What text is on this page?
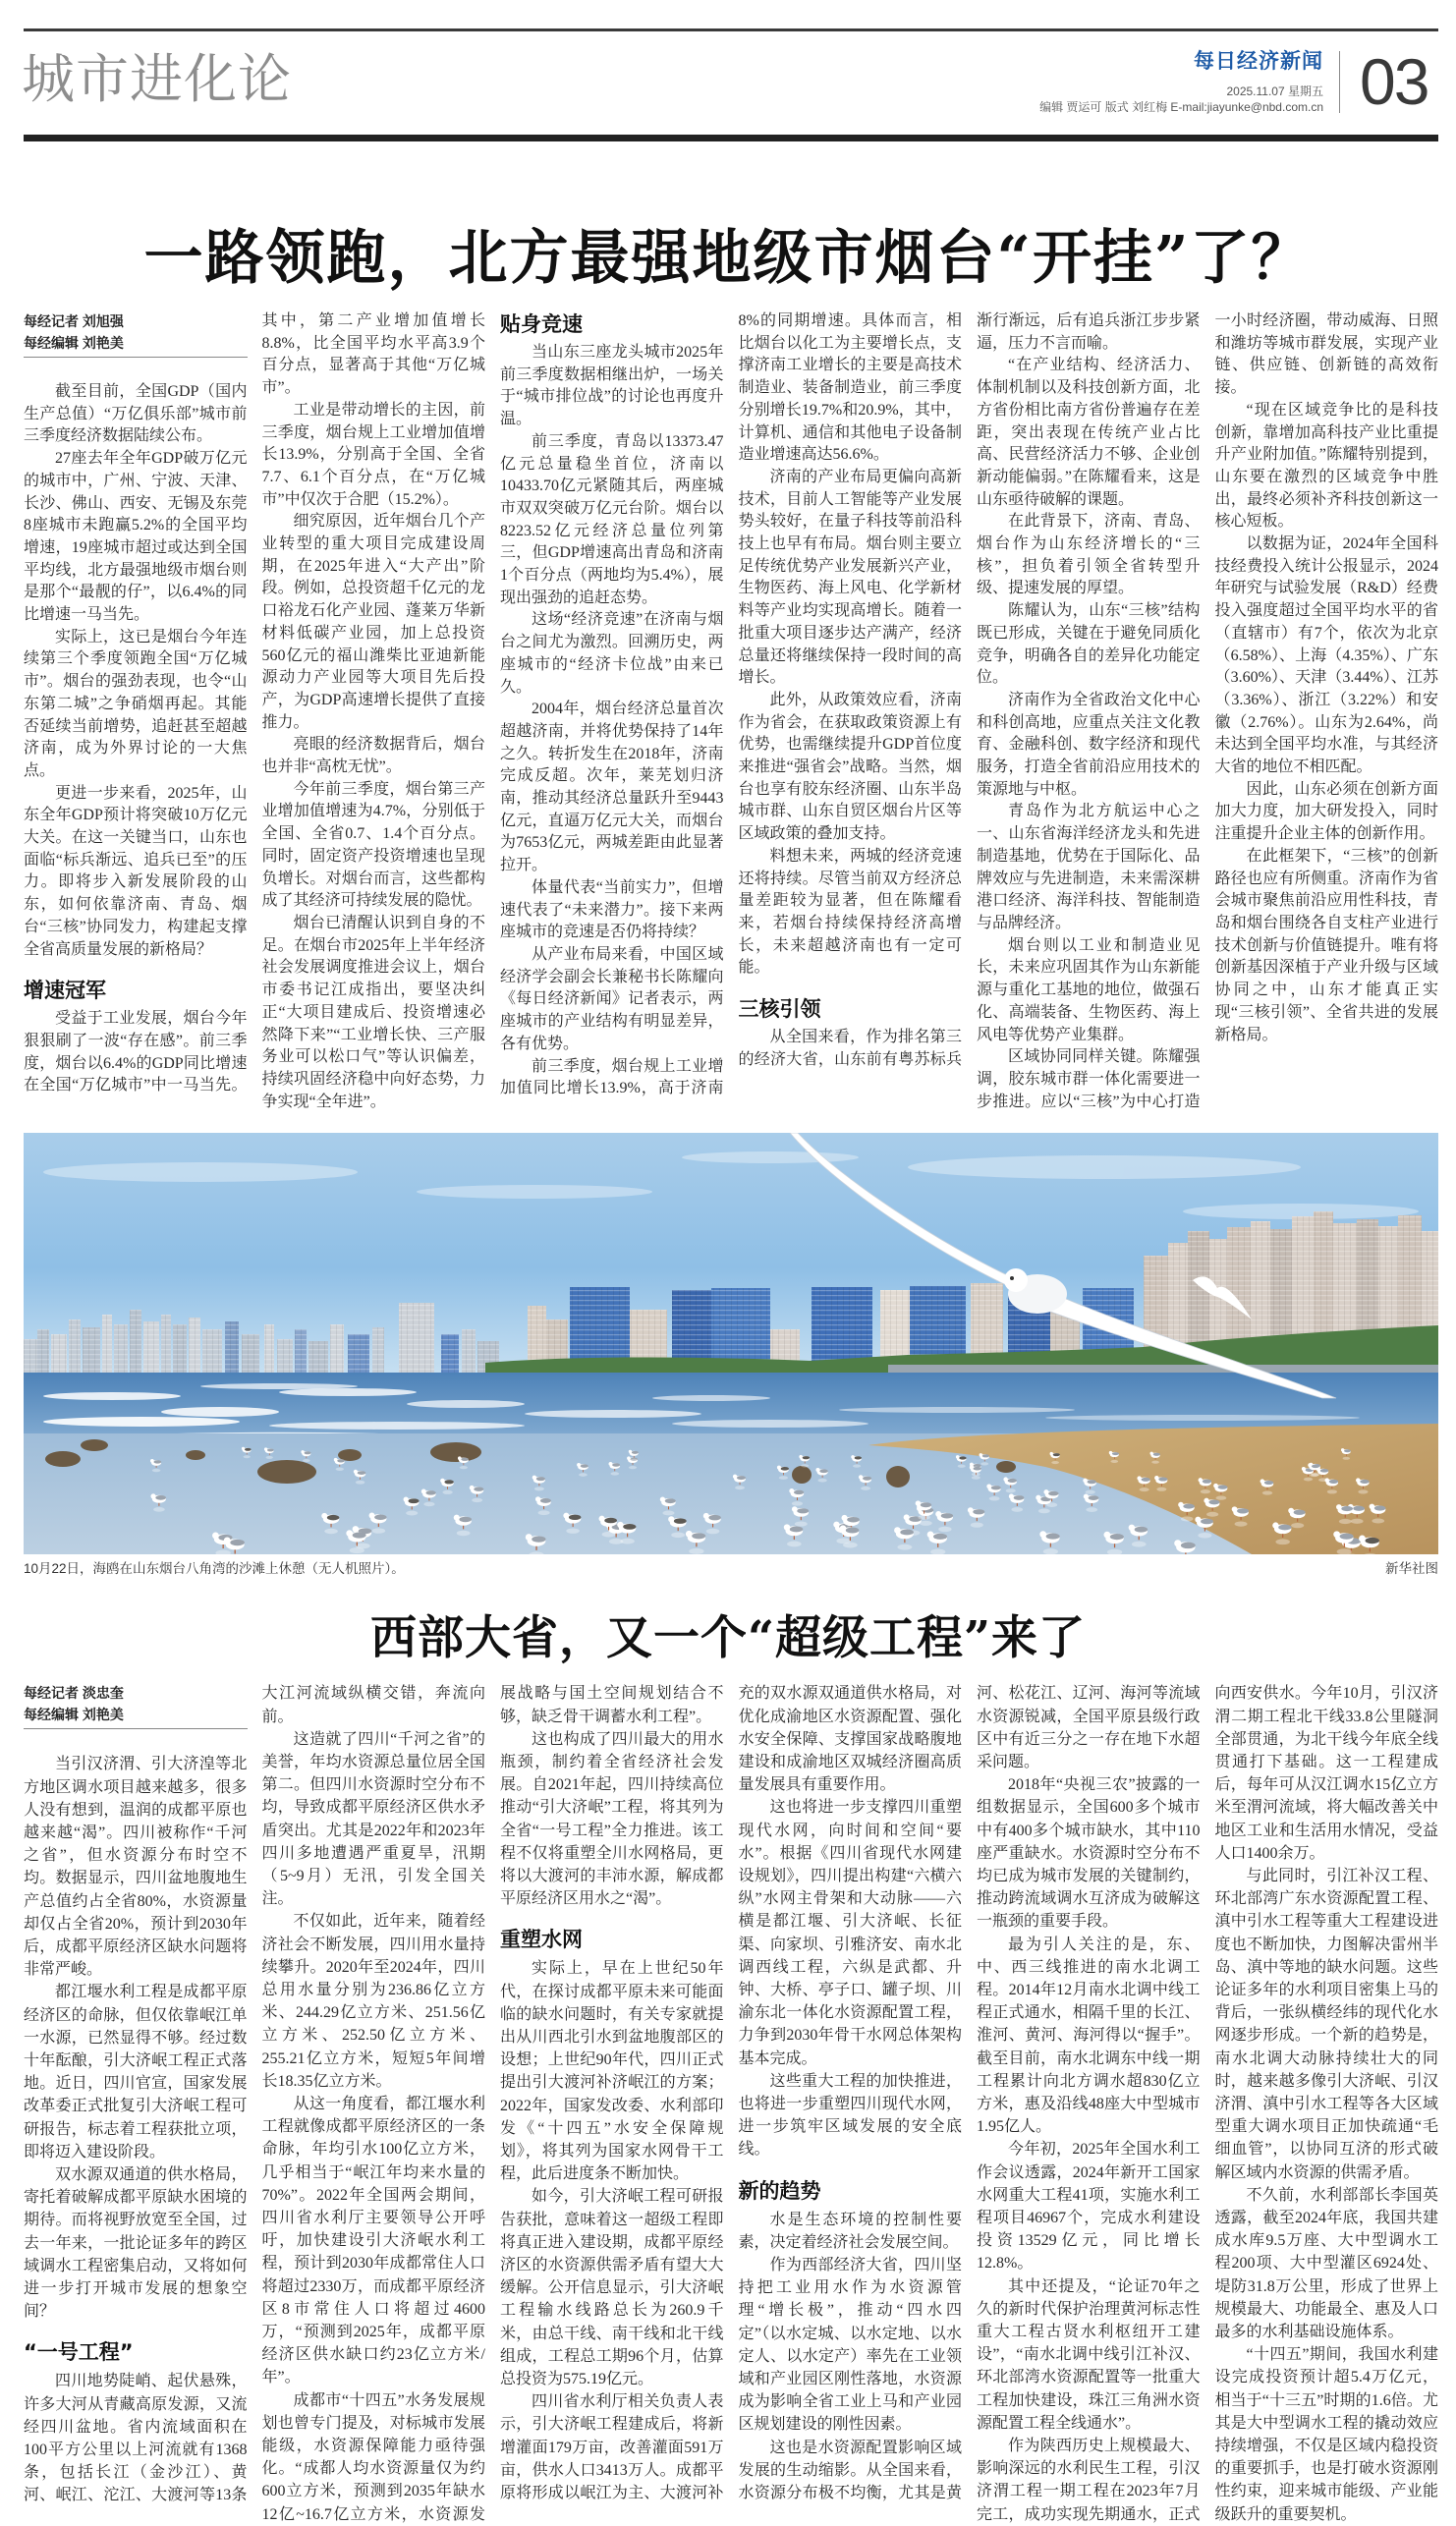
城市进化论	每日经济新闻
2025.11.07 星期五
编辑 贾运可 版式 刘红梅 E-mail:jiayunke@nbd.com.cn 03
一路领跑，北方最强地级市烟台“开挂”了？
每经记者 刘旭强
每经编辑 刘艳美

截至目前，全国GDP（国内生产总值）“万亿俱乐部”城市前三季度经济数据陆续公布。

27座去年全年GDP破万亿元的城市中，广州、宁波、天津、长沙、佛山、西安、无锡及东莞8座城市未跑赢5.2%的全国平均增速，19座城市超过或达到全国平均线，北方最强地级市烟台则是那个“最靓的仔”，以6.4%的同比增速一马当先。

实际上，这已是烟台今年连续第三个季度领跑全国“万亿城市”。烟台的强劲表现，也令“山东第二城”之争硝烟再起。其能否延续当前增势，追赶甚至超越济南，成为外界讨论的一大焦点。

更进一步来看，2025年，山东全年GDP预计将突破10万亿元大关。在这一关键当口，山东也面临“标兵渐远、追兵已至”的压力。即将步入新发展阶段的山东，如何依靠济南、青岛、烟台“三核”协同发力，构建起支撑全省高质量发展的新格局？

增速冠军

受益于工业发展，烟台今年狠狠刷了一波“存在感”。前三季度，烟台以6.4%的GDP同比增速在全国“万亿城市”中一马当先。其中，第二产业增加值增长8.8%，比全国平均水平高3.9个百分点，显著高于其他“万亿城市”。

工业是带动增长的主因，前三季度，烟台规上工业增加值增长13.9%，分别高于全国、全省7.7、6.1个百分点，在“万亿城市”中仅次于合肥（15.2%）。

细究原因，近年烟台几个产业转型的重大项目完成建设周期，在2025年进入“大产出”阶段。例如，总投资超千亿元的龙口裕龙石化产业园、蓬莱万华新材料低碳产业园，加上总投资560亿元的福山潍柴比亚迪新能源动力产业园等大项目先后投产，为GDP高速增长提供了直接推力。

亮眼的经济数据背后，烟台也并非“高枕无忧”。

今年前三季度，烟台第三产业增加值增速为4.7%，分别低于全国、全省0.7、1.4个百分点。同时，固定资产投资增速也呈现负增长。对烟台而言，这些都构成了其经济可持续发展的隐忧。

烟台已清醒认识到自身的不足。在烟台市2025年上半年经济社会发展调度推进会议上，烟台市委书记江成指出，要坚决纠正“大项目建成后、投资增速必然降下来”“工业增长快、三产服务业可以松口气”等认识偏差，持续巩固经济稳中向好态势，力争实现“全年进”。

贴身竞速

当山东三座龙头城市2025年前三季度数据相继出炉，一场关于“城市排位战”的讨论也再度升温。

前三季度，青岛以13373.47亿元总量稳坐首位，济南以10433.70亿元紧随其后，两座城市双双突破万亿元台阶。烟台以8223.52亿元经济总量位列第三，但GDP增速高出青岛和济南1个百分点（两地均为5.4%），展现出强劲的追赶态势。

这场“经济竞速”在济南与烟台之间尤为激烈。回溯历史，两座城市的“经济卡位战”由来已久。

2004年，烟台经济总量首次超越济南，并将优势保持了14年之久。转折发生在2018年，济南完成反超。次年，莱芜划归济南，推动其经济总量跃升至9443亿元，直逼万亿元大关，而烟台为7653亿元，两城差距由此显著拉开。

体量代表“当前实力”，但增速代表了“未来潜力”。接下来两座城市的竞速是否仍将持续？

从产业布局来看，中国区域经济学会副会长兼秘书长陈耀向《每日经济新闻》记者表示，两座城市的产业结构有明显差异，各有优势。

前三季度，烟台规上工业增加值同比增长13.9%，高于济南8%的同期增速。具体而言，相比烟台以化工为主要增长点，支撑济南工业增长的主要是高技术制造业、装备制造业，前三季度分别增长19.7%和20.9%，其中，计算机、通信和其他电子设备制造业增速高达56.6%。

济南的产业布局更偏向高新技术，目前人工智能等产业发展势头较好，在量子科技等前沿科技上也早有布局。烟台则主要立足传统优势产业发展新兴产业，生物医药、海上风电、化学新材料等产业均实现高增长。随着一批重大项目逐步达产满产，经济总量还将继续保持一段时间的高增长。

此外，从政策效应看，济南作为省会，在获取政策资源上有优势，也需继续提升GDP首位度来推进“强省会”战略。当然，烟台也享有胶东经济圈、山东半岛城市群、山东自贸区烟台片区等区域政策的叠加支持。

料想未来，两城的经济竞速还将持续。尽管当前双方经济总量差距较为显著，但在陈耀看来，若烟台持续保持经济高增长，未来超越济南也有一定可能。

三核引领

从全国来看，作为排名第三的经济大省，山东前有粤苏标兵渐行渐远，后有追兵浙江步步紧逼，压力不言而喻。

“在产业结构、经济活力、体制机制以及科技创新方面，北方省份相比南方省份普遍存在差距，突出表现在传统产业占比高、民营经济活力不够、企业创新动能偏弱。”在陈耀看来，这是山东亟待破解的课题。

在此背景下，济南、青岛、烟台作为山东经济增长的“三核”，担负着引领全省转型升级、提速发展的厚望。

陈耀认为，山东“三核”结构既已形成，关键在于避免同质化竞争，明确各自的差异化功能定位。

济南作为全省政治文化中心和科创高地，应重点关注文化教育、金融科创、数字经济和现代服务，打造全省前沿应用技术的策源地与中枢。

青岛作为北方航运中心之一、山东省海洋经济龙头和先进制造基地，优势在于国际化、品牌效应与先进制造，未来需深耕港口经济、海洋科技、智能制造与品牌经济。

烟台则以工业和制造业见长，未来应巩固其作为山东新能源与重化工基地的地位，做强石化、高端装备、生物医药、海上风电等优势产业集群。

区域协同同样关键。陈耀强调，胶东城市群一体化需要进一步推进。应以“三核”为中心打造一小时经济圈，带动威海、日照和潍坊等城市群发展，实现产业链、供应链、创新链的高效衔接。

“现在区域竞争比的是科技创新，靠增加高科技产业比重提升产业附加值。”陈耀特别提到，山东要在激烈的区域竞争中胜出，最终必须补齐科技创新这一核心短板。

以数据为证，2024年全国科技经费投入统计公报显示，2024年研究与试验发展（R&D）经费投入强度超过全国平均水平的省（直辖市）有7个，依次为北京（6.58%）、上海（4.35%）、广东（3.60%）、天津（3.44%）、江苏（3.36%）、浙江（3.22%）和安徽（2.76%）。山东为2.64%，尚未达到全国平均水准，与其经济大省的地位不相匹配。

因此，山东必须在创新方面加大力度，加大研发投入，同时注重提升企业主体的创新作用。

在此框架下，“三核”的创新路径也应有所侧重。济南作为省会城市聚焦前沿应用性科技，青岛和烟台围绕各自支柱产业进行技术创新与价值链提升。唯有将创新基因深植于产业升级与区域协同之中，山东才能真正实现“三核引领”、全省共进的发展新格局。

10月22日，海鸥在山东烟台八角湾的沙滩上休憩（无人机照片）。	新华社图
西部大省，又一个“超级工程”来了
每经记者 淡忠奎
每经编辑 刘艳美

当引汉济渭、引大济湟等北方地区调水项目越来越多，很多人没有想到，温润的成都平原也越来越“渴”。四川被称作“千河之省”，但水资源分布时空不均。数据显示，四川盆地腹地生产总值约占全省80%，水资源量却仅占全省20%，预计到2030年后，成都平原经济区缺水问题将非常严峻。

都江堰水利工程是成都平原经济区的命脉，但仅依靠岷江单一水源，已然显得不够。经过数十年酝酿，引大济岷工程正式落地。近日，四川官宣，国家发展改革委正式批复引大济岷工程可研报告，标志着工程获批立项，即将迈入建设阶段。

双水源双通道的供水格局，寄托着破解成都平原缺水困境的期待。而将视野放宽至全国，过去一年来，一批论证多年的跨区域调水工程密集启动，又将如何进一步打开城市发展的想象空间？

“一号工程”

四川地势陡峭、起伏悬殊，许多大河从青藏高原发源，又流经四川盆地。省内流域面积在100平方公里以上河流就有1368条，包括长江（金沙江）、黄河、岷江、沱江、大渡河等13条大江河流域纵横交错，奔流向前。

这造就了四川“千河之省”的美誉，年均水资源总量位居全国第二。但四川水资源时空分布不均，导致成都平原经济区供水矛盾突出。尤其是2022年和2023年四川多地遭遇严重夏旱，汛期（5~9月）无汛，引发全国关注。

不仅如此，近年来，随着经济社会不断发展，四川用水量持续攀升。2020年至2024年，四川总用水量分别为236.86亿立方米、244.29亿立方米、251.56亿立方米、252.50亿立方米、255.21亿立方米，短短5年间增长18.35亿立方米。

从这一角度看，都江堰水利工程就像成都平原经济区的一条命脉，年均引水100亿立方米，几乎相当于“岷江年均来水量的70%”。2022年全国两会期间，四川省水利厅主要领导公开呼吁，加快建设引大济岷水利工程，预计到2030年成都常住人口将超过2330万，而成都平原经济区8市常住人口将超过4600万，“预测到2025年，成都平原经济区供水缺口约23亿立方米/年”。

成都市“十四五”水务发展规划也曾专门提及，对标城市发展能级，水资源保障能力亟待强化。“成都人均水资源量仅为约600立方米，预测到2035年缺水12亿~16.7亿立方米，水资源发展战略与国土空间规划结合不够，缺乏骨干调蓄水利工程”。

这也构成了四川最大的用水瓶颈，制约着全省经济社会发展。自2021年起，四川持续高位推动“引大济岷”工程，将其列为全省“一号工程”全力推进。该工程不仅将重塑全川水网格局，更将以大渡河的丰沛水源，解成都平原经济区用水之“渴”。

重塑水网

实际上，早在上世纪50年代，在探讨成都平原未来可能面临的缺水问题时，有关专家就提出从川西北引水到盆地腹部区的设想；上世纪90年代，四川正式提出引大渡河补济岷江的方案；2022年，国家发改委、水利部印发《“十四五”水安全保障规划》，将其列为国家水网骨干工程，此后进度条不断加快。

如今，引大济岷工程可研报告获批，意味着这一超级工程即将真正进入建设期，成都平原经济区的水资源供需矛盾有望大大缓解。公开信息显示，引大济岷工程输水线路总长为260.9千米，由总干线、南干线和北干线组成，工程总工期96个月，估算总投资为575.19亿元。

四川省水利厅相关负责人表示，引大济岷工程建成后，将新增灌面179万亩，改善灌面591万亩，供水人口3413万人。成都平原将形成以岷江为主、大渡河补充的双水源双通道供水格局，对优化成渝地区水资源配置、强化水安全保障、支撑国家战略腹地建设和成渝地区双城经济圈高质量发展具有重要作用。

这也将进一步支撑四川重塑现代水网，向时间和空间“要水”。根据《四川省现代水网建设规划》，四川提出构建“六横六纵”水网主骨架和大动脉——六横是都江堰、引大济岷、长征渠、向家坝、引雅济安、南水北调西线工程，六纵是武都、升钟、大桥、亭子口、罐子坝、川渝东北一体化水资源配置工程，力争到2030年骨干水网总体架构基本完成。

这些重大工程的加快推进，也将进一步重塑四川现代水网，进一步筑牢区域发展的安全底线。

新的趋势

水是生态环境的控制性要素，决定着经济社会发展空间。

作为西部经济大省，四川坚持把工业用水作为水资源管理“增长极”，推动“四水四定”（以水定城、以水定地、以水定人、以水定产）率先在工业领域和产业园区刚性落地，水资源成为影响全省工业上马和产业园区规划建设的刚性因素。

这也是水资源配置影响区域发展的生动缩影。从全国来看，水资源分布极不均衡，尤其是黄河、松花江、辽河、海河等流域水资源锐减，全国平原县级行政区中有近三分之一存在地下水超采问题。

2018年“央视三农”披露的一组数据显示，全国600多个城市中有400多个城市缺水，其中110座严重缺水。水资源时空分布不均已成为城市发展的关键制约，推动跨流域调水互济成为破解这一瓶颈的重要手段。

最为引人关注的是，东、中、西三线推进的南水北调工程。2014年12月南水北调中线工程正式通水，相隔千里的长江、淮河、黄河、海河得以“握手”。截至目前，南水北调东中线一期工程累计向北方调水超830亿立方米，惠及沿线48座大中型城市1.95亿人。

今年初，2025年全国水利工作会议透露，2024年新开工国家水网重大工程41项，实施水利工程项目46967个，完成水利建设投资13529亿元，同比增长12.8%。

其中还提及，“论证70年之久的新时代保护治理黄河标志性重大工程古贤水利枢纽开工建设”，“南水北调中线引江补汉、环北部湾水资源配置等一批重大工程加快建设，珠江三角洲水资源配置工程全线通水”。

作为陕西历史上规模最大、影响深远的水利民生工程，引汉济渭工程一期工程在2023年7月完工，成功实现先期通水，正式向西安供水。今年10月，引汉济渭二期工程北干线33.8公里隧洞全部贯通，为北干线今年底全线贯通打下基础。这一工程建成后，每年可从汉江调水15亿立方米至渭河流域，将大幅改善关中地区工业和生活用水情况，受益人口1400余万。

与此同时，引江补汉工程、环北部湾广东水资源配置工程、滇中引水工程等重大工程建设进度也不断加快，力图解决雷州半岛、滇中等地的缺水问题。这些论证多年的水利项目密集上马的背后，一张纵横经纬的现代化水网逐步形成。一个新的趋势是，南水北调大动脉持续壮大的同时，越来越多像引大济岷、引汉济渭、滇中引水工程等各大区域型重大调水项目正加快疏通“毛细血管”，以协同互济的形式破解区域内水资源的供需矛盾。

不久前，水利部部长李国英透露，截至2024年底，我国共建成水库9.5万座、大中型调水工程200项、大中型灌区6924处、堤防31.8万公里，形成了世界上规模最大、功能最全、惠及人口最多的水利基础设施体系。

“十四五”期间，我国水利建设完成投资预计超5.4万亿元，相当于“十三五”时期的1.6倍。尤其是大中型调水工程的撬动效应持续增强，不仅是区域内稳投资的重要抓手，也是打破水资源刚性约束，迎来城市能级、产业能级跃升的重要契机。
